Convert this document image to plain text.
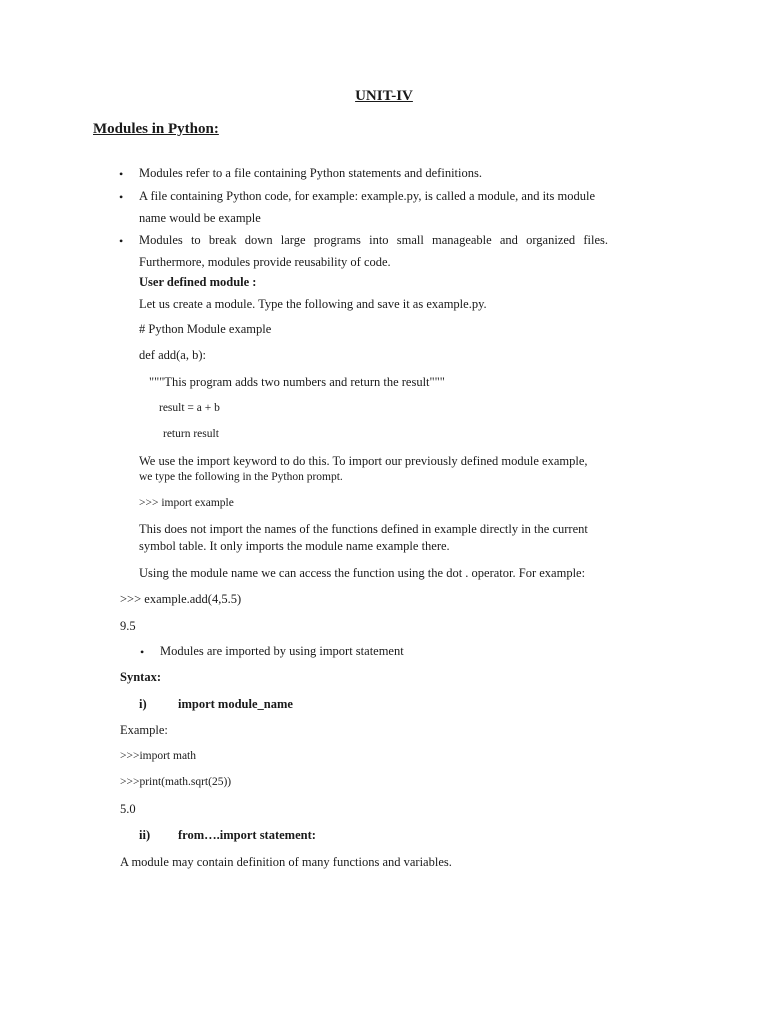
UNIT-IV
Modules in Python:
• Modules refer to a file containing Python statements and definitions.
• A file containing Python code, for example: example.py, is called a module, and its module
name would be example
• Modules to break down large programs into small manageable and organized files.
Furthermore, modules provide reusability of code.
User defined module :
Let us create a module. Type the following and save it as example.py.
# Python Module example
def add(a, b):
"""This program adds two numbers and return the result"""
result = a + b
return result
We use the import keyword to do this. To import our previously defined module example,
we type the following in the Python prompt.
>>> import example
This does not import the names of the functions defined in example directly in the current
symbol table. It only imports the module name example there.
Using the module name we can access the function using the dot . operator. For example:
>>> example.add(4,5.5)
9.5
• Modules are imported by using import statement
Syntax:
i)	import module_name
Example:
>>>import math
>>>print(math.sqrt(25))
5.0
ii) from….import statement:
A module may contain definition of many functions and variables.
